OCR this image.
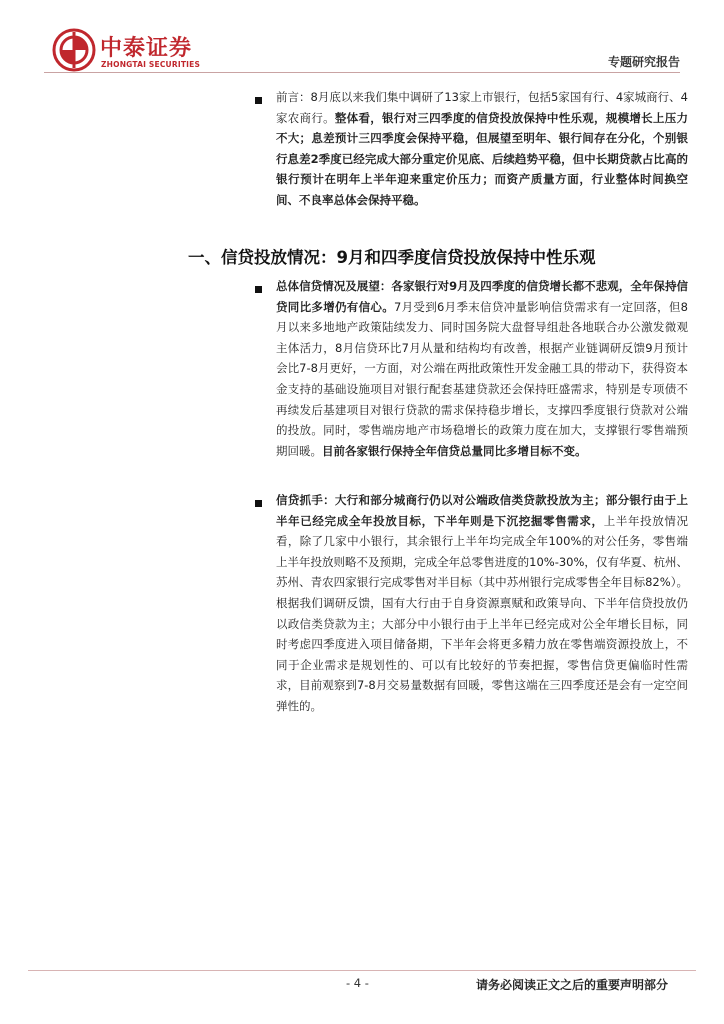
中泰证券
ZHONGTAI SECURITIES	专题研究报告
前言：8月底以来我们集中调研了13家上市银行，包括5家国有行、4家城商行、4家农商行。整体看，银行对三四季度的信贷投放保持中性乐观，规模增长上压力不大；息差预计三四季度会保持平稳，但展望至明年、银行间存在分化，个别银行息差2季度已经完成大部分重定价见底、后续趋势平稳，但中长期贷款占比高的银行预计在明年上半年迎来重定价压力；而资产质量方面，行业整体时间换空间、不良率总体会保持平稳。
一、信贷投放情况：9月和四季度信贷投放保持中性乐观
总体信贷情况及展望：各家银行对9月及四季度的信贷增长都不悲观，全年保持信贷同比多增仍有信心。7月受到6月季末信贷冲量影响信贷需求有一定回落，但8月以来多地地产政策陆续发力、同时国务院大盘督导组赴各地联合办公激发微观主体活力，8月信贷环比7月从量和结构均有改善，根据产业链调研反馈9月预计会比7-8月更好，一方面，对公端在两批政策性开发金融工具的带动下，获得资本金支持的基础设施项目对银行配套基建贷款还会保持旺盛需求，特别是专项债不再续发后基建项目对银行贷款的需求保持稳步增长，支撑四季度银行贷款对公端的投放。同时，零售端房地产市场稳增长的政策力度在加大，支撑银行零售端预期回暖。目前各家银行保持全年信贷总量同比多增目标不变。
信贷抓手：大行和部分城商行仍以对公端政信类贷款投放为主；部分银行由于上半年已经完成全年投放目标，下半年则是下沉挖掘零售需求，上半年投放情况看，除了几家中小银行，其余银行上半年均完成全年100%的对公任务，零售端上半年投放则略不及预期，完成全年总零售进度的10%-30%，仅有华夏、杭州、苏州、青农四家银行完成零售对半目标（其中苏州银行完成零售全年目标82%）。根据我们调研反馈，国有大行由于自身资源禀赋和政策导向、下半年信贷投放仍以政信类贷款为主；大部分中小银行由于上半年已经完成对公全年增长目标，同时考虑四季度进入项目储备期，下半年会将更多精力放在零售端资源投放上，不同于企业需求是规划性的、可以有比较好的节奏把握，零售信贷更偏临时性需求，目前观察到7-8月交易量数据有回暖，零售这端在三四季度还是会有一定空间弹性的。
- 4 -	请务必阅读正文之后的重要声明部分
